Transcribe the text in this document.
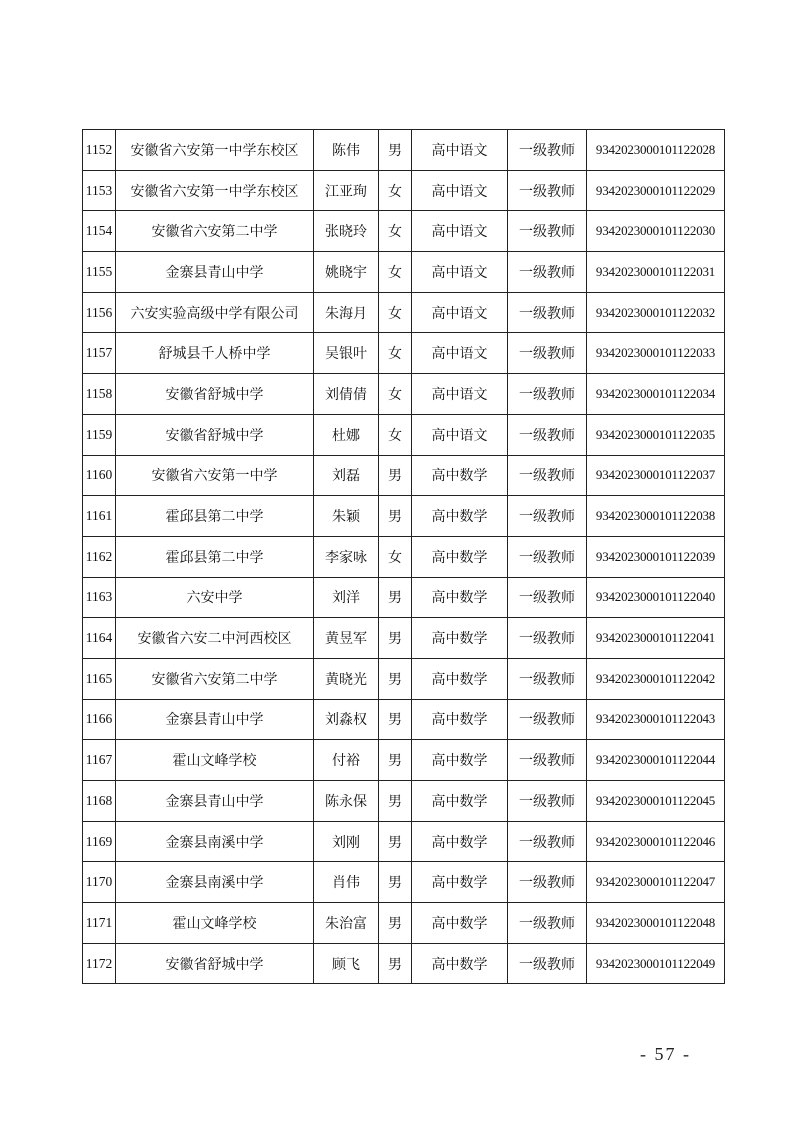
1152	安徽省六安第一中学东校区	陈伟	男	高中语文	一级教师	9342023000101122028
1153	安徽省六安第一中学东校区	江亚珣	女	高中语文	一级教师	9342023000101122029
1154	安徽省六安第二中学	张晓玲	女	高中语文	一级教师	9342023000101122030
1155	金寨县青山中学	姚晓宇	女	高中语文	一级教师	9342023000101122031
1156	六安实验高级中学有限公司	朱海月	女	高中语文	一级教师	9342023000101122032
1157	舒城县千人桥中学	吴银叶	女	高中语文	一级教师	9342023000101122033
1158	安徽省舒城中学	刘倩倩	女	高中语文	一级教师	9342023000101122034
1159	安徽省舒城中学	杜娜	女	高中语文	一级教师	9342023000101122035
1160	安徽省六安第一中学	刘磊	男	高中数学	一级教师	9342023000101122037
1161	霍邱县第二中学	朱颖	男	高中数学	一级教师	9342023000101122038
1162	霍邱县第二中学	李家咏	女	高中数学	一级教师	9342023000101122039
1163	六安中学	刘洋	男	高中数学	一级教师	9342023000101122040
1164	安徽省六安二中河西校区	黄昱军	男	高中数学	一级教师	9342023000101122041
1165	安徽省六安第二中学	黄晓光	男	高中数学	一级教师	9342023000101122042
1166	金寨县青山中学	刘淼权	男	高中数学	一级教师	9342023000101122043
1167	霍山文峰学校	付裕	男	高中数学	一级教师	9342023000101122044
1168	金寨县青山中学	陈永保	男	高中数学	一级教师	9342023000101122045
1169	金寨县南溪中学	刘刚	男	高中数学	一级教师	9342023000101122046
1170	金寨县南溪中学	肖伟	男	高中数学	一级教师	9342023000101122047
1171	霍山文峰学校	朱治富	男	高中数学	一级教师	9342023000101122048
1172	安徽省舒城中学	顾飞	男	高中数学	一级教师	9342023000101122049
- 57 -
